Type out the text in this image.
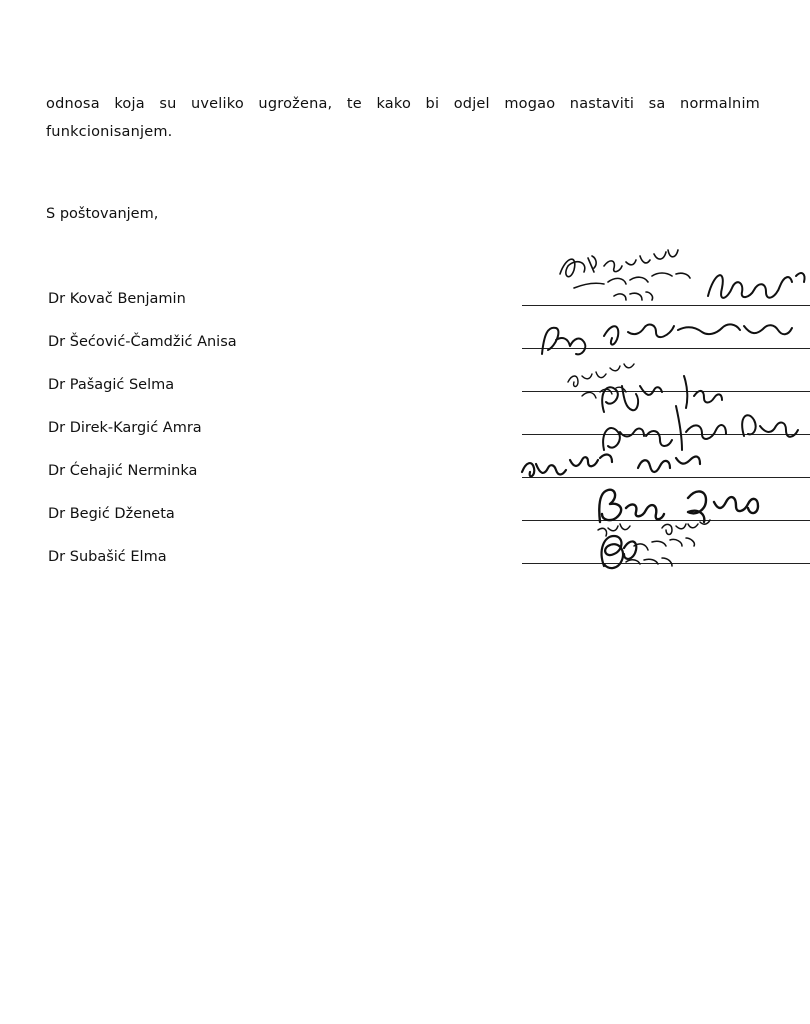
odnosa koja su uveliko ugrožena, te kako bi odjel mogao nastaviti sa normalnim funkcionisanjem.

S poštovanjem,
Dr Kovač Benjamin
Dr Šećović-Čamdžić Anisa
Dr Pašagić Selma
Dr Direk-Kargić Amra
Dr Ćehajić Nerminka
Dr Begić Dženeta
Dr Subašić Elma
